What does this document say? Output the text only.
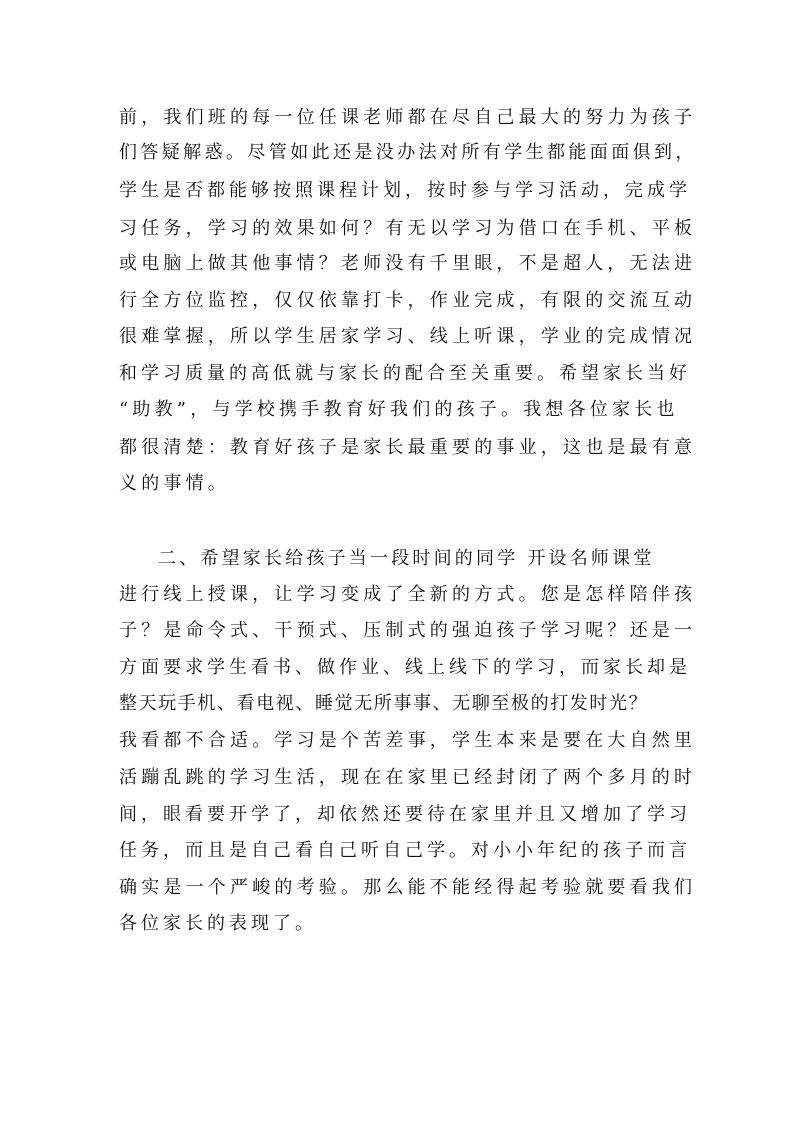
前，我们班的每一位任课老师都在尽自己最大的努力为孩子
们答疑解惑。尽管如此还是没办法对所有学生都能面面俱到，
学生是否都能够按照课程计划，按时参与学习活动，完成学
习任务，学习的效果如何？有无以学习为借口在手机、平板
或电脑上做其他事情？老师没有千里眼，不是超人，无法进
行全方位监控，仅仅依靠打卡，作业完成，有限的交流互动
很难掌握，所以学生居家学习、线上听课，学业的完成情况
和学习质量的高低就与家长的配合至关重要。希望家长当好
“助教”，与学校携手教育好我们的孩子。我想各位家长也
都很清楚：教育好孩子是家长最重要的事业，这也是最有意
义的事情。
二、希望家长给孩子当一段时间的同学 开设名师课堂
进行线上授课，让学习变成了全新的方式。您是怎样陪伴孩
子？是命令式、干预式、压制式的强迫孩子学习呢？还是一
方面要求学生看书、做作业、线上线下的学习，而家长却是
整天玩手机、看电视、睡觉无所事事、无聊至极的打发时光？
我看都不合适。学习是个苦差事，学生本来是要在大自然里
活蹦乱跳的学习生活，现在在家里已经封闭了两个多月的时
间，眼看要开学了，却依然还要待在家里并且又增加了学习
任务，而且是自己看自己听自己学。对小小年纪的孩子而言
确实是一个严峻的考验。那么能不能经得起考验就要看我们
各位家长的表现了。
